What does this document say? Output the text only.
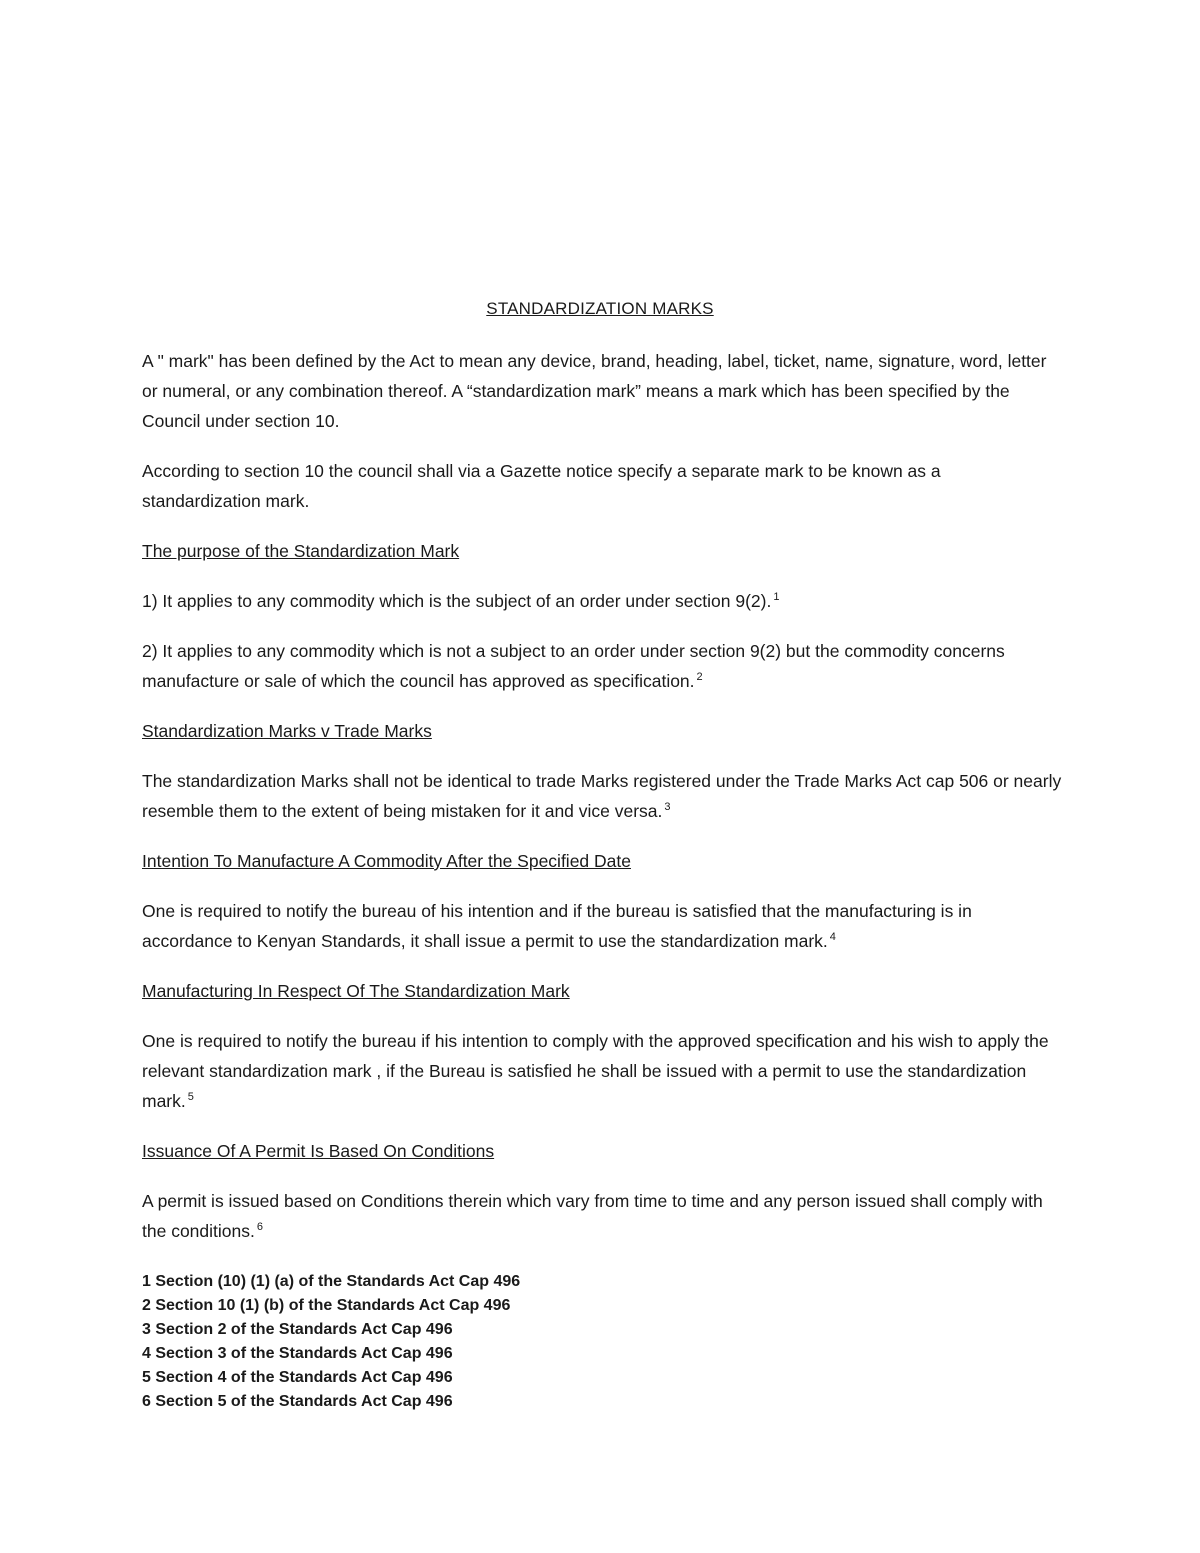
STANDARDIZATION MARKS

A " mark" has been defined by the Act to mean any device, brand, heading, label, ticket, name, signature, word, letter or numeral, or any combination thereof. A “standardization mark” means a mark which has been specified by the Council under section 10.

According to section 10 the council shall via a Gazette notice specify a separate mark to be known as a standardization mark.

The purpose of the Standardization Mark

1) It applies to any commodity which is the subject of an order under section 9(2). $^1$

2) It applies to any commodity which is not a subject to an order under section 9(2) but the commodity concerns manufacture or sale of which the council has approved as specification. $^2$

Standardization Marks v Trade Marks

The standardization Marks shall not be identical to trade Marks registered under the Trade Marks Act cap 506 or nearly resemble them to the extent of being mistaken for it and vice versa. $^3$

Intention To Manufacture A Commodity After the Specified Date

One is required to notify the bureau of his intention and if the bureau is satisfied that the manufacturing is in accordance to Kenyan Standards, it shall issue a permit to use the standardization mark. $^4$

Manufacturing In Respect Of The Standardization Mark

One is required to notify the bureau if his intention to comply with the approved specification and his wish to apply the relevant standardization mark , if the Bureau is satisfied he shall be issued with a permit to use the standardization mark. $^5$

Issuance Of A Permit Is Based On Conditions

A permit is issued based on Conditions therein which vary from time to time and any person issued shall comply with the conditions. $^6$

1 Section (10) (1) (a) of the Standards Act Cap 496
2 Section 10 (1) (b) of the Standards Act Cap 496
3 Section 2 of the Standards Act Cap 496
4 Section 3 of the Standards Act Cap 496
5 Section 4 of the Standards Act Cap 496
6 Section 5 of the Standards Act Cap 496
